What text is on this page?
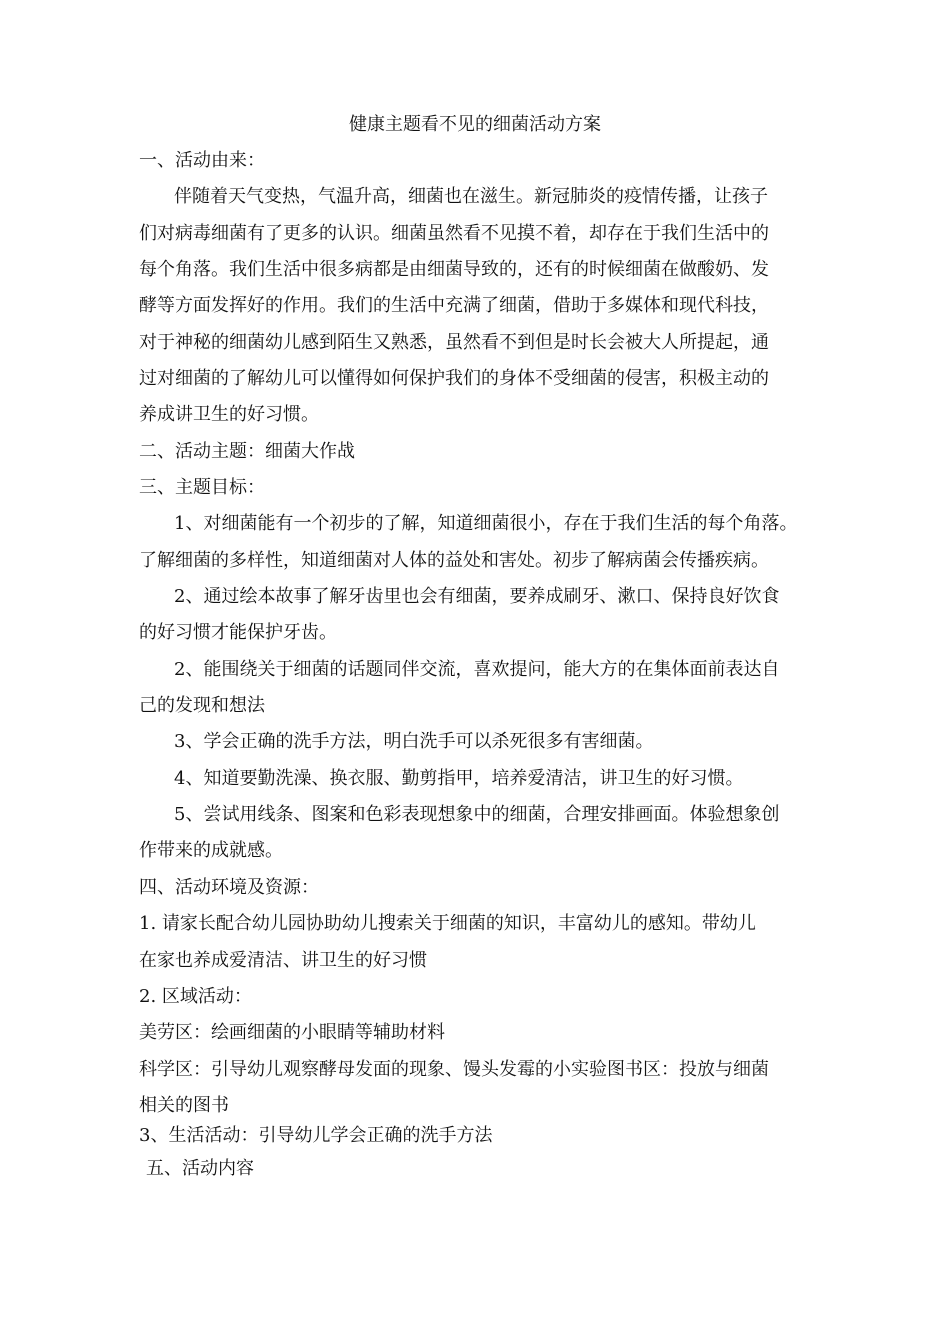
健康主题看不见的细菌活动方案
一、活动由来：
伴随着天气变热，气温升高，细菌也在滋生。新冠肺炎的疫情传播，让孩子
们对病毒细菌有了更多的认识。细菌虽然看不见摸不着，却存在于我们生活中的
每个角落。我们生活中很多病都是由细菌导致的，还有的时候细菌在做酸奶、发
酵等方面发挥好的作用。我们的生活中充满了细菌，借助于多媒体和现代科技，
对于神秘的细菌幼儿感到陌生又熟悉，虽然看不到但是时长会被大人所提起，通
过对细菌的了解幼儿可以懂得如何保护我们的身体不受细菌的侵害，积极主动的
养成讲卫生的好习惯。
二、活动主题：细菌大作战
三、主题目标：
1、对细菌能有一个初步的了解，知道细菌很小，存在于我们生活的每个角落。
了解细菌的多样性，知道细菌对人体的益处和害处。初步了解病菌会传播疾病。
2、通过绘本故事了解牙齿里也会有细菌，要养成刷牙、漱口、保持良好饮食
的好习惯才能保护牙齿。
2、能围绕关于细菌的话题同伴交流，喜欢提问，能大方的在集体面前表达自
己的发现和想法
3、学会正确的洗手方法，明白洗手可以杀死很多有害细菌。
4、知道要勤洗澡、换衣服、勤剪指甲，培养爱清洁，讲卫生的好习惯。
5、尝试用线条、图案和色彩表现想象中的细菌，合理安排画面。体验想象创
作带来的成就感。
四、活动环境及资源：
1. 请家长配合幼儿园协助幼儿搜索关于细菌的知识，丰富幼儿的感知。带幼儿
在家也养成爱清洁、讲卫生的好习惯
2. 区域活动：
美劳区：绘画细菌的小眼睛等辅助材料
科学区：引导幼儿观察酵母发面的现象、馒头发霉的小实验图书区：投放与细菌
相关的图书
3、生活活动：引导幼儿学会正确的洗手方法
五、活动内容
